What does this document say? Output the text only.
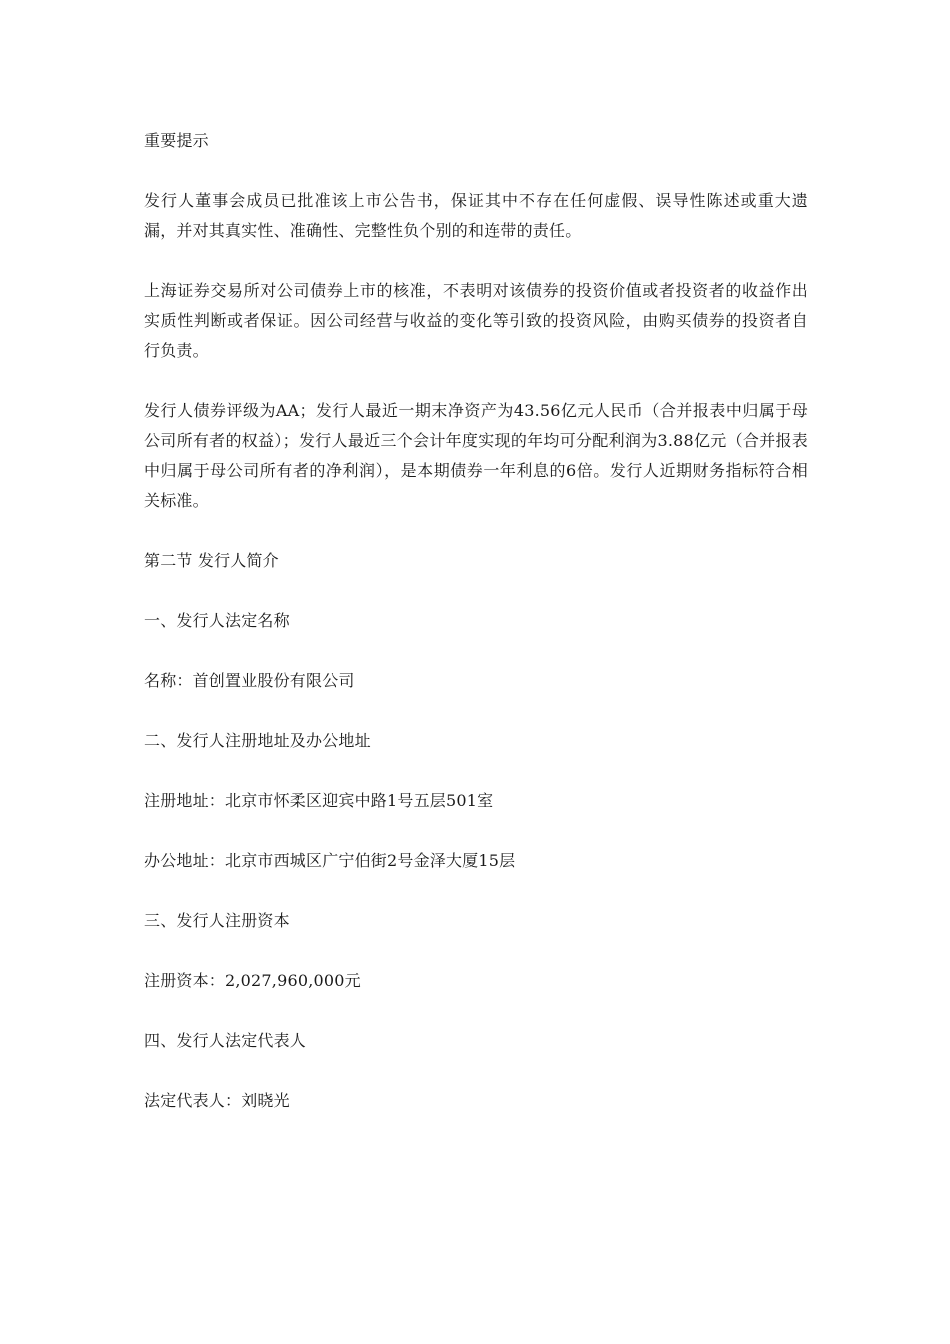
重要提示

发行人董事会成员已批准该上市公告书，保证其中不存在任何虚假、误导性陈述或重大遗漏，并对其真实性、准确性、完整性负个别的和连带的责任。

上海证券交易所对公司债券上市的核准，不表明对该债券的投资价值或者投资者的收益作出实质性判断或者保证。因公司经营与收益的变化等引致的投资风险，由购买债券的投资者自行负责。

发行人债券评级为AA；发行人最近一期末净资产为43.56亿元人民币（合并报表中归属于母公司所有者的权益）；发行人最近三个会计年度实现的年均可分配利润为3.88亿元（合并报表中归属于母公司所有者的净利润），是本期债券一年利息的6倍。发行人近期财务指标符合相关标准。

第二节 发行人简介

一、发行人法定名称

名称：首创置业股份有限公司

二、发行人注册地址及办公地址

注册地址：北京市怀柔区迎宾中路1号五层501室

办公地址：北京市西城区广宁伯街2号金泽大厦15层

三、发行人注册资本

注册资本：2,027,960,000元

四、发行人法定代表人

法定代表人：刘晓光
